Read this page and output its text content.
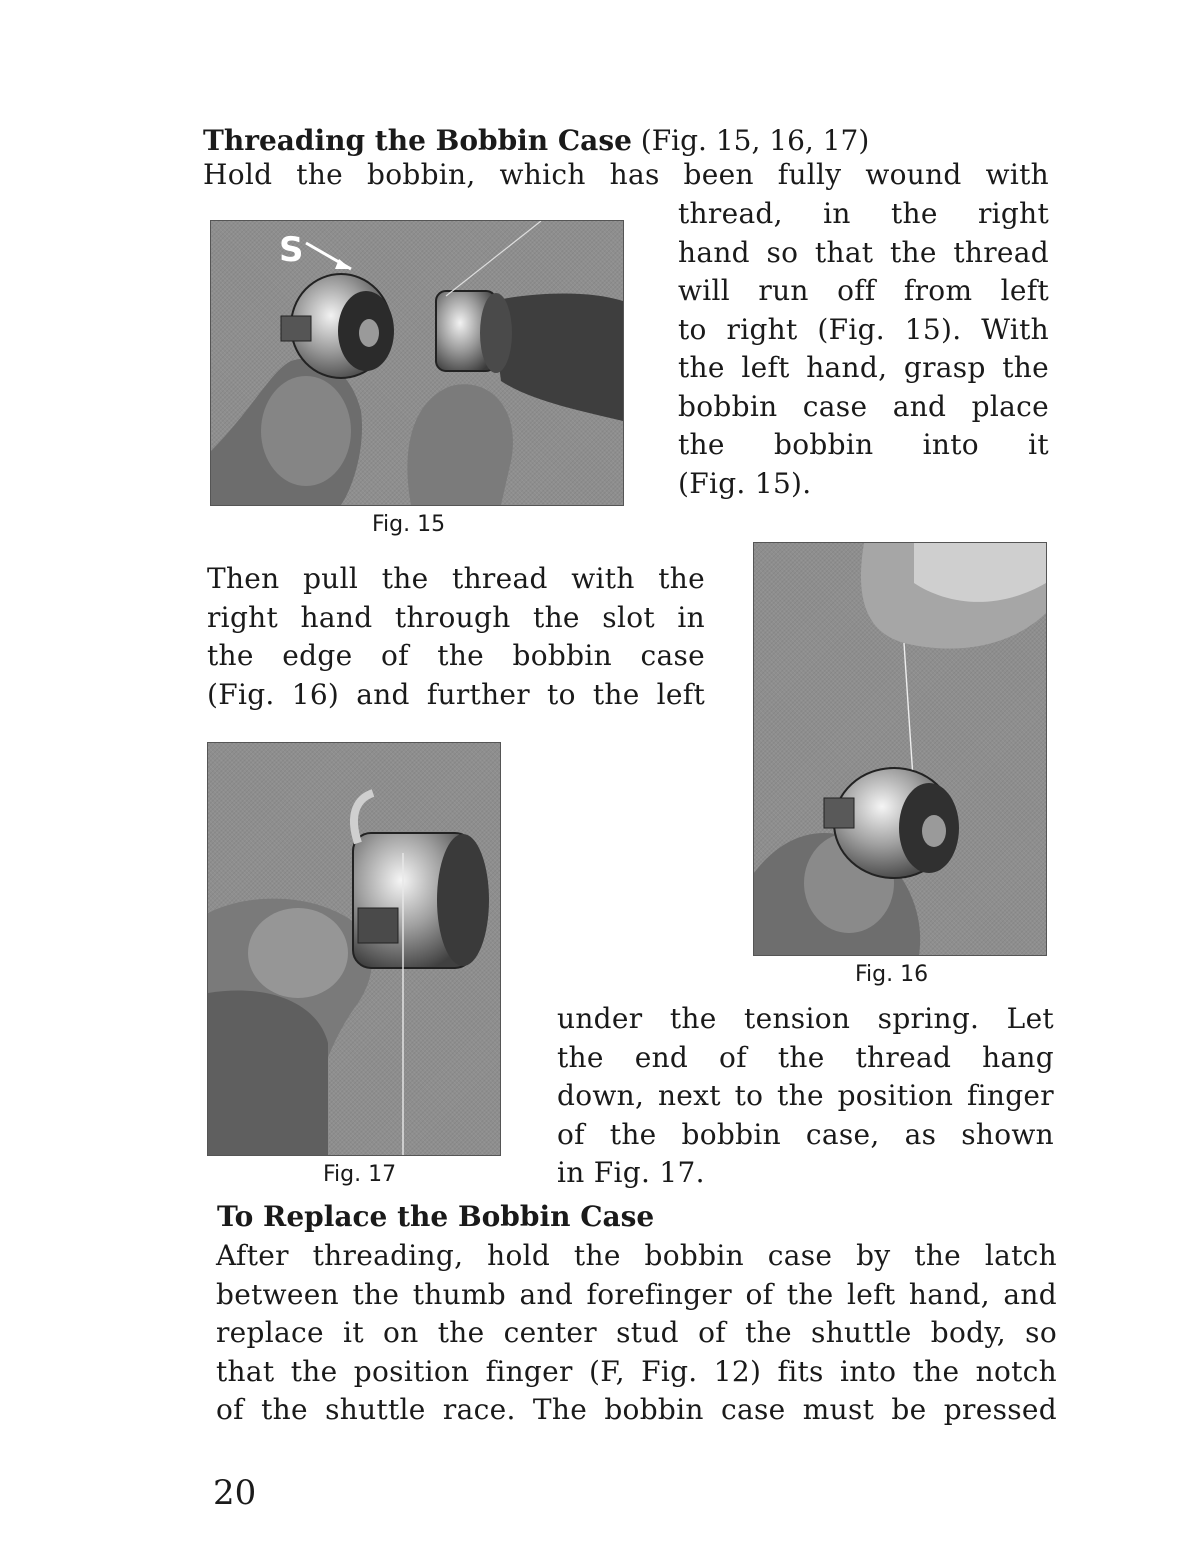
Threading the Bobbin Case (Fig. 15, 16, 17)
Hold the bobbin, which has been fully wound with
S
Fig. 15
thread, in the right
hand so that the thread
will run off from left
to right (Fig. 15). With
the left hand, grasp the
bobbin case and place
the bobbin into it
(Fig. 15).
Then pull the thread with the
right hand through the slot in
the edge of the bobbin case
(Fig. 16) and further to the left
Fig. 16
Fig. 17
under the tension spring. Let
the end of the thread hang
down, next to the position finger
of the bobbin case, as shown
in Fig. 17.
To Replace the Bobbin Case
After threading, hold the bobbin case by the latch
between the thumb and forefinger of the left hand, and
replace it on the center stud of the shuttle body, so
that the position finger (F, Fig. 12) fits into the notch
of the shuttle race. The bobbin case must be pressed
20
